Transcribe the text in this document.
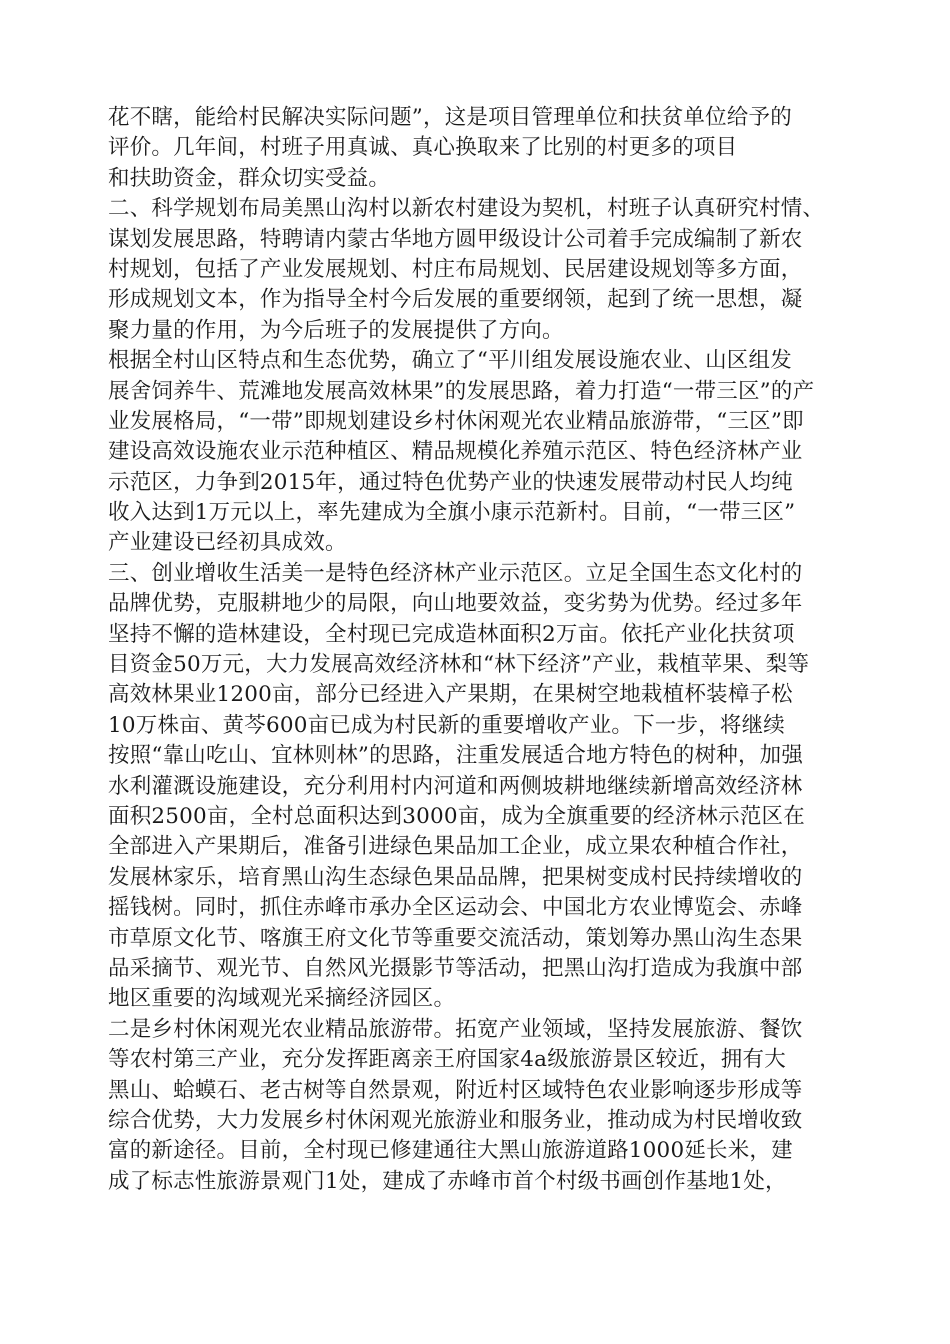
花不瞎，能给村民解决实际问题”，这是项目管理单位和扶贫单位给予的
评价。几年间，村班子用真诚、真心换取来了比别的村更多的项目
和扶助资金，群众切实受益。
二、科学规划布局美黑山沟村以新农村建设为契机，村班子认真研究村情、
谋划发展思路，特聘请内蒙古华地方圆甲级设计公司着手完成编制了新农
村规划，包括了产业发展规划、村庄布局规划、民居建设规划等多方面，
形成规划文本，作为指导全村今后发展的重要纲领，起到了统一思想，凝
聚力量的作用，为今后班子的发展提供了方向。
根据全村山区特点和生态优势，确立了“平川组发展设施农业、山区组发
展舍饲养牛、荒滩地发展高效林果”的发展思路，着力打造“一带三区”的产
业发展格局，“一带”即规划建设乡村休闲观光农业精品旅游带，“三区”即
建设高效设施农业示范种植区、精品规模化养殖示范区、特色经济林产业
示范区，力争到2015年，通过特色优势产业的快速发展带动村民人均纯
收入达到1万元以上，率先建成为全旗小康示范新村。目前，“一带三区”
产业建设已经初具成效。
三、创业增收生活美一是特色经济林产业示范区。立足全国生态文化村的
品牌优势，克服耕地少的局限，向山地要效益，变劣势为优势。经过多年
坚持不懈的造林建设，全村现已完成造林面积2万亩。依托产业化扶贫项
目资金50万元，大力发展高效经济林和“林下经济”产业，栽植苹果、梨等
高效林果业1200亩，部分已经进入产果期，在果树空地栽植杯装樟子松
10万株亩、黄芩600亩已成为村民新的重要增收产业。下一步，将继续
按照“靠山吃山、宜林则林”的思路，注重发展适合地方特色的树种，加强
水利灌溉设施建设，充分利用村内河道和两侧坡耕地继续新增高效经济林
面积2500亩，全村总面积达到3000亩，成为全旗重要的经济林示范区在
全部进入产果期后，准备引进绿色果品加工企业，成立果农种植合作社，
发展林家乐，培育黑山沟生态绿色果品品牌，把果树变成村民持续增收的
摇钱树。同时，抓住赤峰市承办全区运动会、中国北方农业博览会、赤峰
市草原文化节、喀旗王府文化节等重要交流活动，策划筹办黑山沟生态果
品采摘节、观光节、自然风光摄影节等活动，把黑山沟打造成为我旗中部
地区重要的沟域观光采摘经济园区。
二是乡村休闲观光农业精品旅游带。拓宽产业领域，坚持发展旅游、餐饮
等农村第三产业，充分发挥距离亲王府国家4a级旅游景区较近，拥有大
黑山、蛤蟆石、老古树等自然景观，附近村区域特色农业影响逐步形成等
综合优势，大力发展乡村休闲观光旅游业和服务业，推动成为村民增收致
富的新途径。目前，全村现已修建通往大黑山旅游道路1000延长米，建
成了标志性旅游景观门1处，建成了赤峰市首个村级书画创作基地1处，
